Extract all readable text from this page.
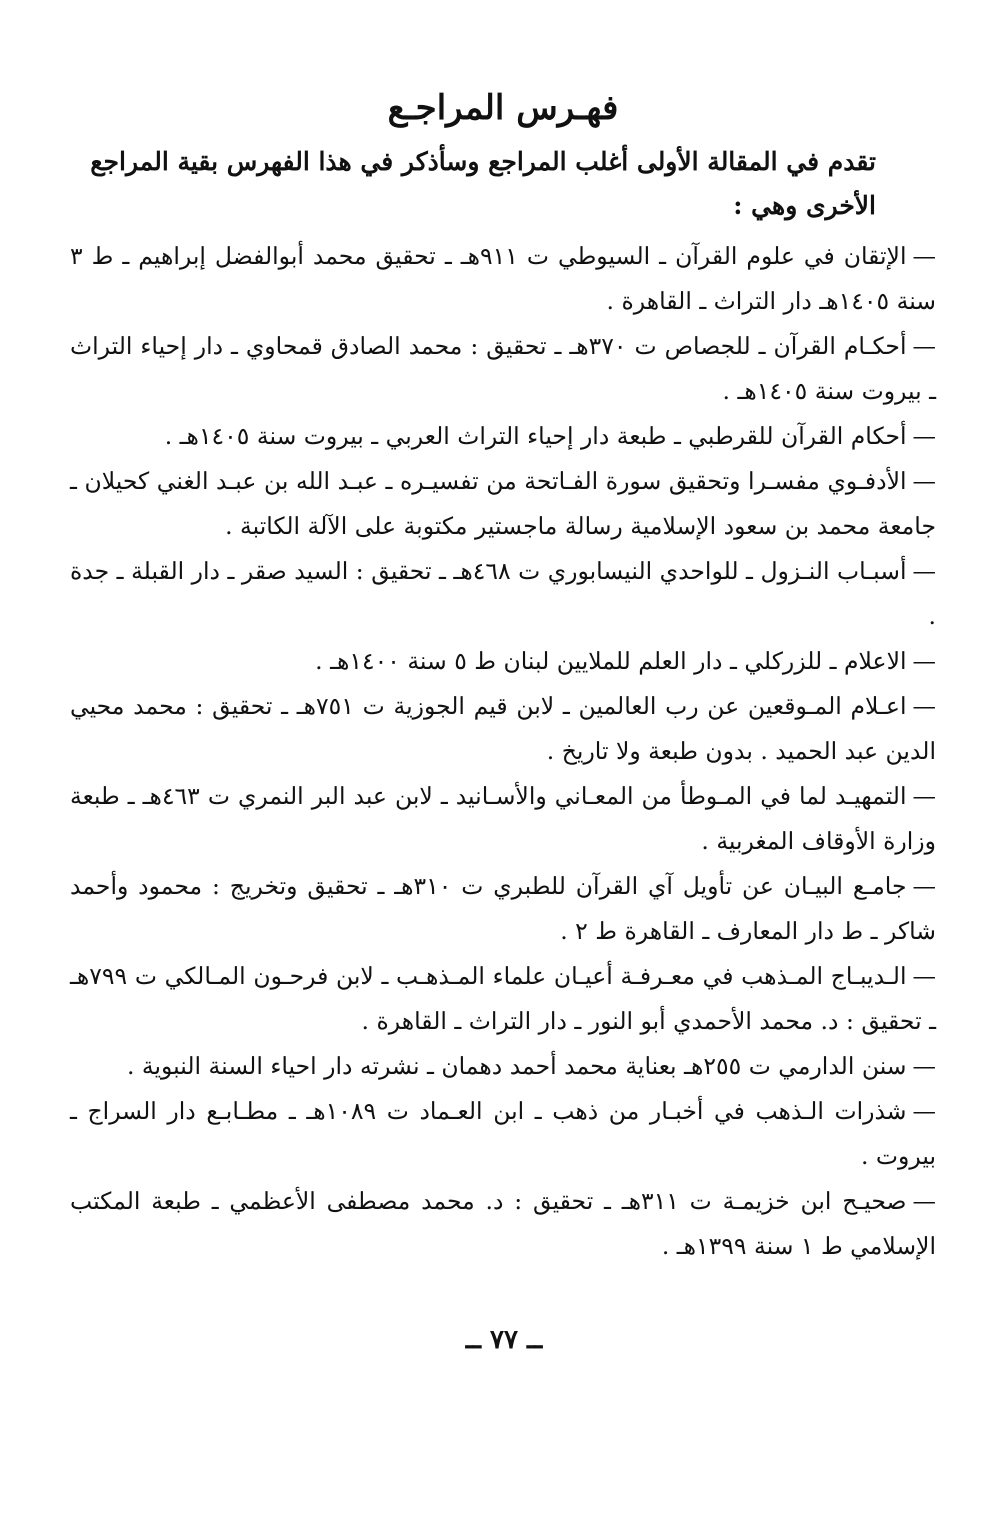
فهـرس المراجـع
تقدم في المقالة الأولى أغلب المراجع وسأذكر في هذا الفهرس بقية المراجع الأخرى وهي :

—الإتقان في علوم القرآن ـ السيوطي ت ٩١١هـ ـ تحقيق محمد أبوالفضل إبراهيم ـ ط ٣ سنة ١٤٠٥هـ دار التراث ـ القاهرة .

—أحكـام القرآن ـ للجصاص ت ٣٧٠هـ ـ تحقيق : محمد الصادق قمحاوي ـ دار إحياء التراث ـ بيروت سنة ١٤٠٥هـ .

—أحكام القرآن للقرطبي ـ طبعة دار إحياء التراث العربي ـ بيروت سنة ١٤٠٥هـ .

—الأدفـوي مفسـرا وتحقيق سورة الفـاتحة من تفسيـره ـ عبـد الله بن عبـد الغني كحيلان ـ جامعة محمد بن سعود الإسلامية رسالة ماجستير مكتوبة على الآلة الكاتبة .

—أسبـاب النـزول ـ للواحدي النيسابوري ت ٤٦٨هـ ـ تحقيق : السيد صقر ـ دار القبلة ـ جدة .

—الاعلام ـ للزركلي ـ دار العلم للملايين لبنان ط ٥ سنة ١٤٠٠هـ .

—اعـلام المـوقعين عن رب العالمين ـ لابن قيم الجوزية ت ٧٥١هـ ـ تحقيق : محمد محيي الدين عبد الحميد . بدون طبعة ولا تاريخ .

—التمهيـد لما في المـوطأ من المعـاني والأسـانيد ـ لابن عبد البر النمري ت ٤٦٣هـ ـ طبعة وزارة الأوقاف المغربية .

—جامـع البيـان عن تأويل آي القرآن للطبري ت ٣١٠هـ ـ تحقيق وتخريج : محمود وأحمد شاكر ـ ط دار المعارف ـ القاهرة ط ٢ .

—الـديبـاج المـذهب في معـرفـة أعيـان علماء المـذهـب ـ لابن فرحـون المـالكي ت ٧٩٩هـ ـ تحقيق : د. محمد الأحمدي أبو النور ـ دار التراث ـ القاهرة .

—سنن الدارمي ت ٢٥٥هـ بعناية محمد أحمد دهمان ـ نشرته دار احياء السنة النبوية .

—شذرات الـذهب في أخبـار من ذهب ـ ابن العـماد ت ١٠٨٩هـ ـ مطـابـع دار السراج ـ بيروت .

—صحيـح ابن خزيمـة ت ٣١١هـ ـ تحقيق : د. محمد مصطفى الأعظمي ـ طبعة المكتب الإسلامي ط ١ سنة ١٣٩٩هـ .

ــ ٧٧ ــ
